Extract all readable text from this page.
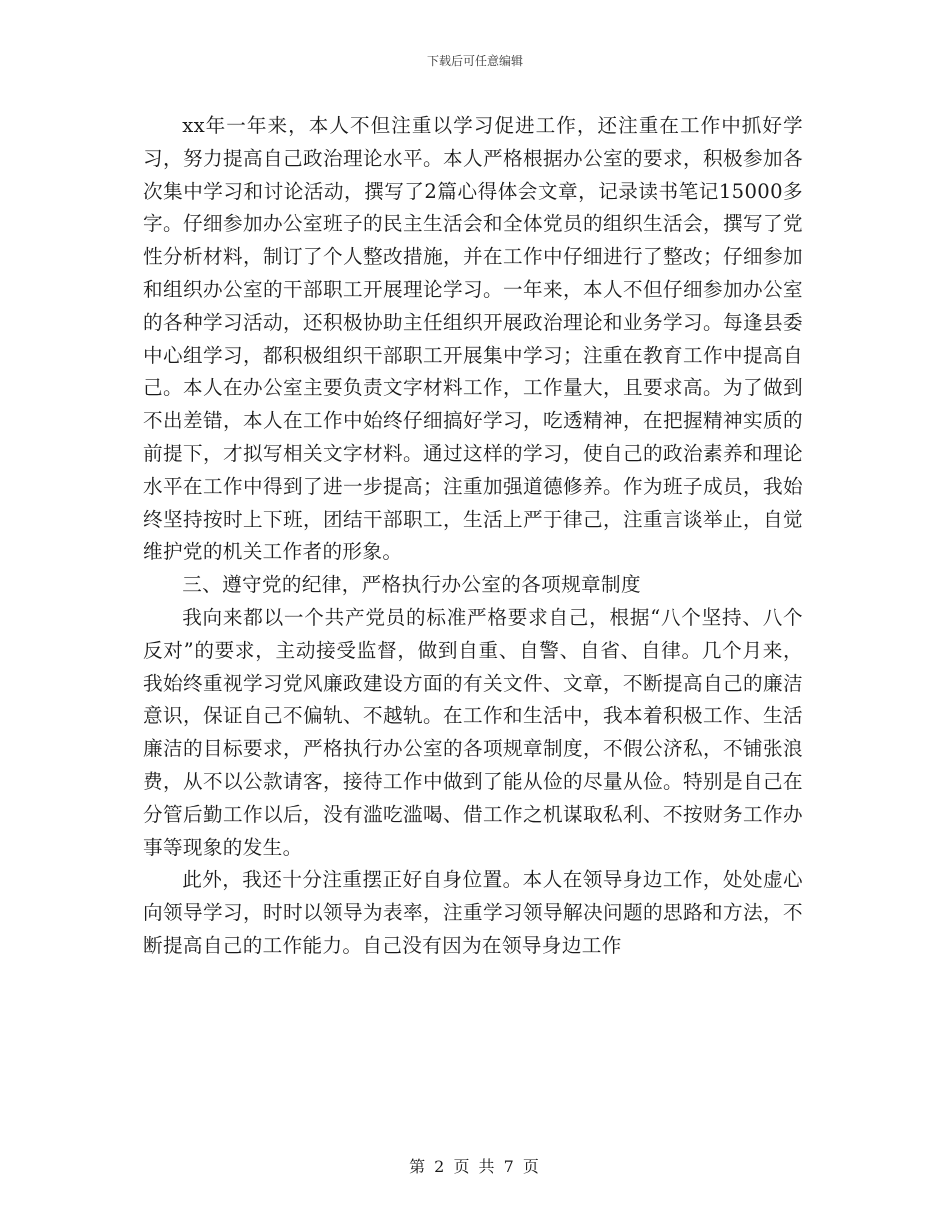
下载后可任意编辑

xx年一年来，本人不但注重以学习促进工作，还注重在工作中抓好学习，努力提高自己政治理论水平。本人严格根据办公室的要求，积极参加各次集中学习和讨论活动，撰写了2篇心得体会文章，记录读书笔记15000多字。仔细参加办公室班子的民主生活会和全体党员的组织生活会，撰写了党性分析材料，制订了个人整改措施，并在工作中仔细进行了整改；仔细参加和组织办公室的干部职工开展理论学习。一年来，本人不但仔细参加办公室的各种学习活动，还积极协助主任组织开展政治理论和业务学习。每逢县委中心组学习，都积极组织干部职工开展集中学习；注重在教育工作中提高自己。本人在办公室主要负责文字材料工作，工作量大，且要求高。为了做到不出差错，本人在工作中始终仔细搞好学习，吃透精神，在把握精神实质的前提下，才拟写相关文字材料。通过这样的学习，使自己的政治素养和理论水平在工作中得到了进一步提高；注重加强道德修养。作为班子成员，我始终坚持按时上下班，团结干部职工，生活上严于律己，注重言谈举止，自觉维护党的机关工作者的形象。

三、遵守党的纪律，严格执行办公室的各项规章制度

我向来都以一个共产党员的标准严格要求自己，根据“八个坚持、八个反对”的要求，主动接受监督，做到自重、自警、自省、自律。几个月来，我始终重视学习党风廉政建设方面的有关文件、文章，不断提高自己的廉洁意识，保证自己不偏轨、不越轨。在工作和生活中，我本着积极工作、生活廉洁的目标要求，严格执行办公室的各项规章制度，不假公济私，不铺张浪费，从不以公款请客，接待工作中做到了能从俭的尽量从俭。特别是自己在分管后勤工作以后，没有滥吃滥喝、借工作之机谋取私利、不按财务工作办事等现象的发生。

此外，我还十分注重摆正好自身位置。本人在领导身边工作，处处虚心向领导学习，时时以领导为表率，注重学习领导解决问题的思路和方法，不断提高自己的工作能力。自己没有因为在领导身边工作

第 2 页 共 7 页
